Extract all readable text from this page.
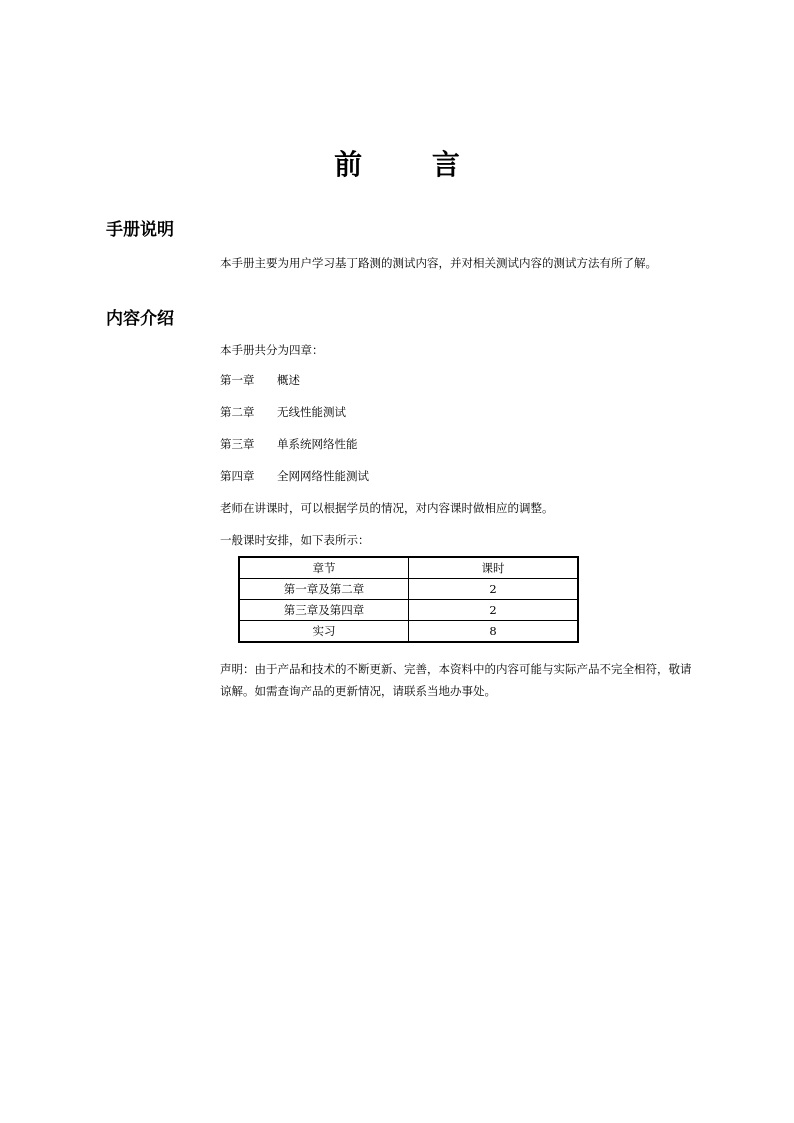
前 言
手册说明
本手册主要为用户学习基丁路测的测试内容，并对相关测试内容的测试方法有所了解。
内容介绍
本手册共分为四章：
第一章 概述
第二章 无线性能测试
第三章 单系统网络性能
第四章 全网网络性能测试
老师在讲课时，可以根据学员的情况，对内容课时做相应的调整。
一般课时安排，如下表所示：
章节	课时
第一章及第二章	2
第三章及第四章	2
实习	8
声明：由于产品和技术的不断更新、完善，本资料中的内容可能与实际产品不完全相符，敬请
谅解。如需查询产品的更新情况，请联系当地办事处。
